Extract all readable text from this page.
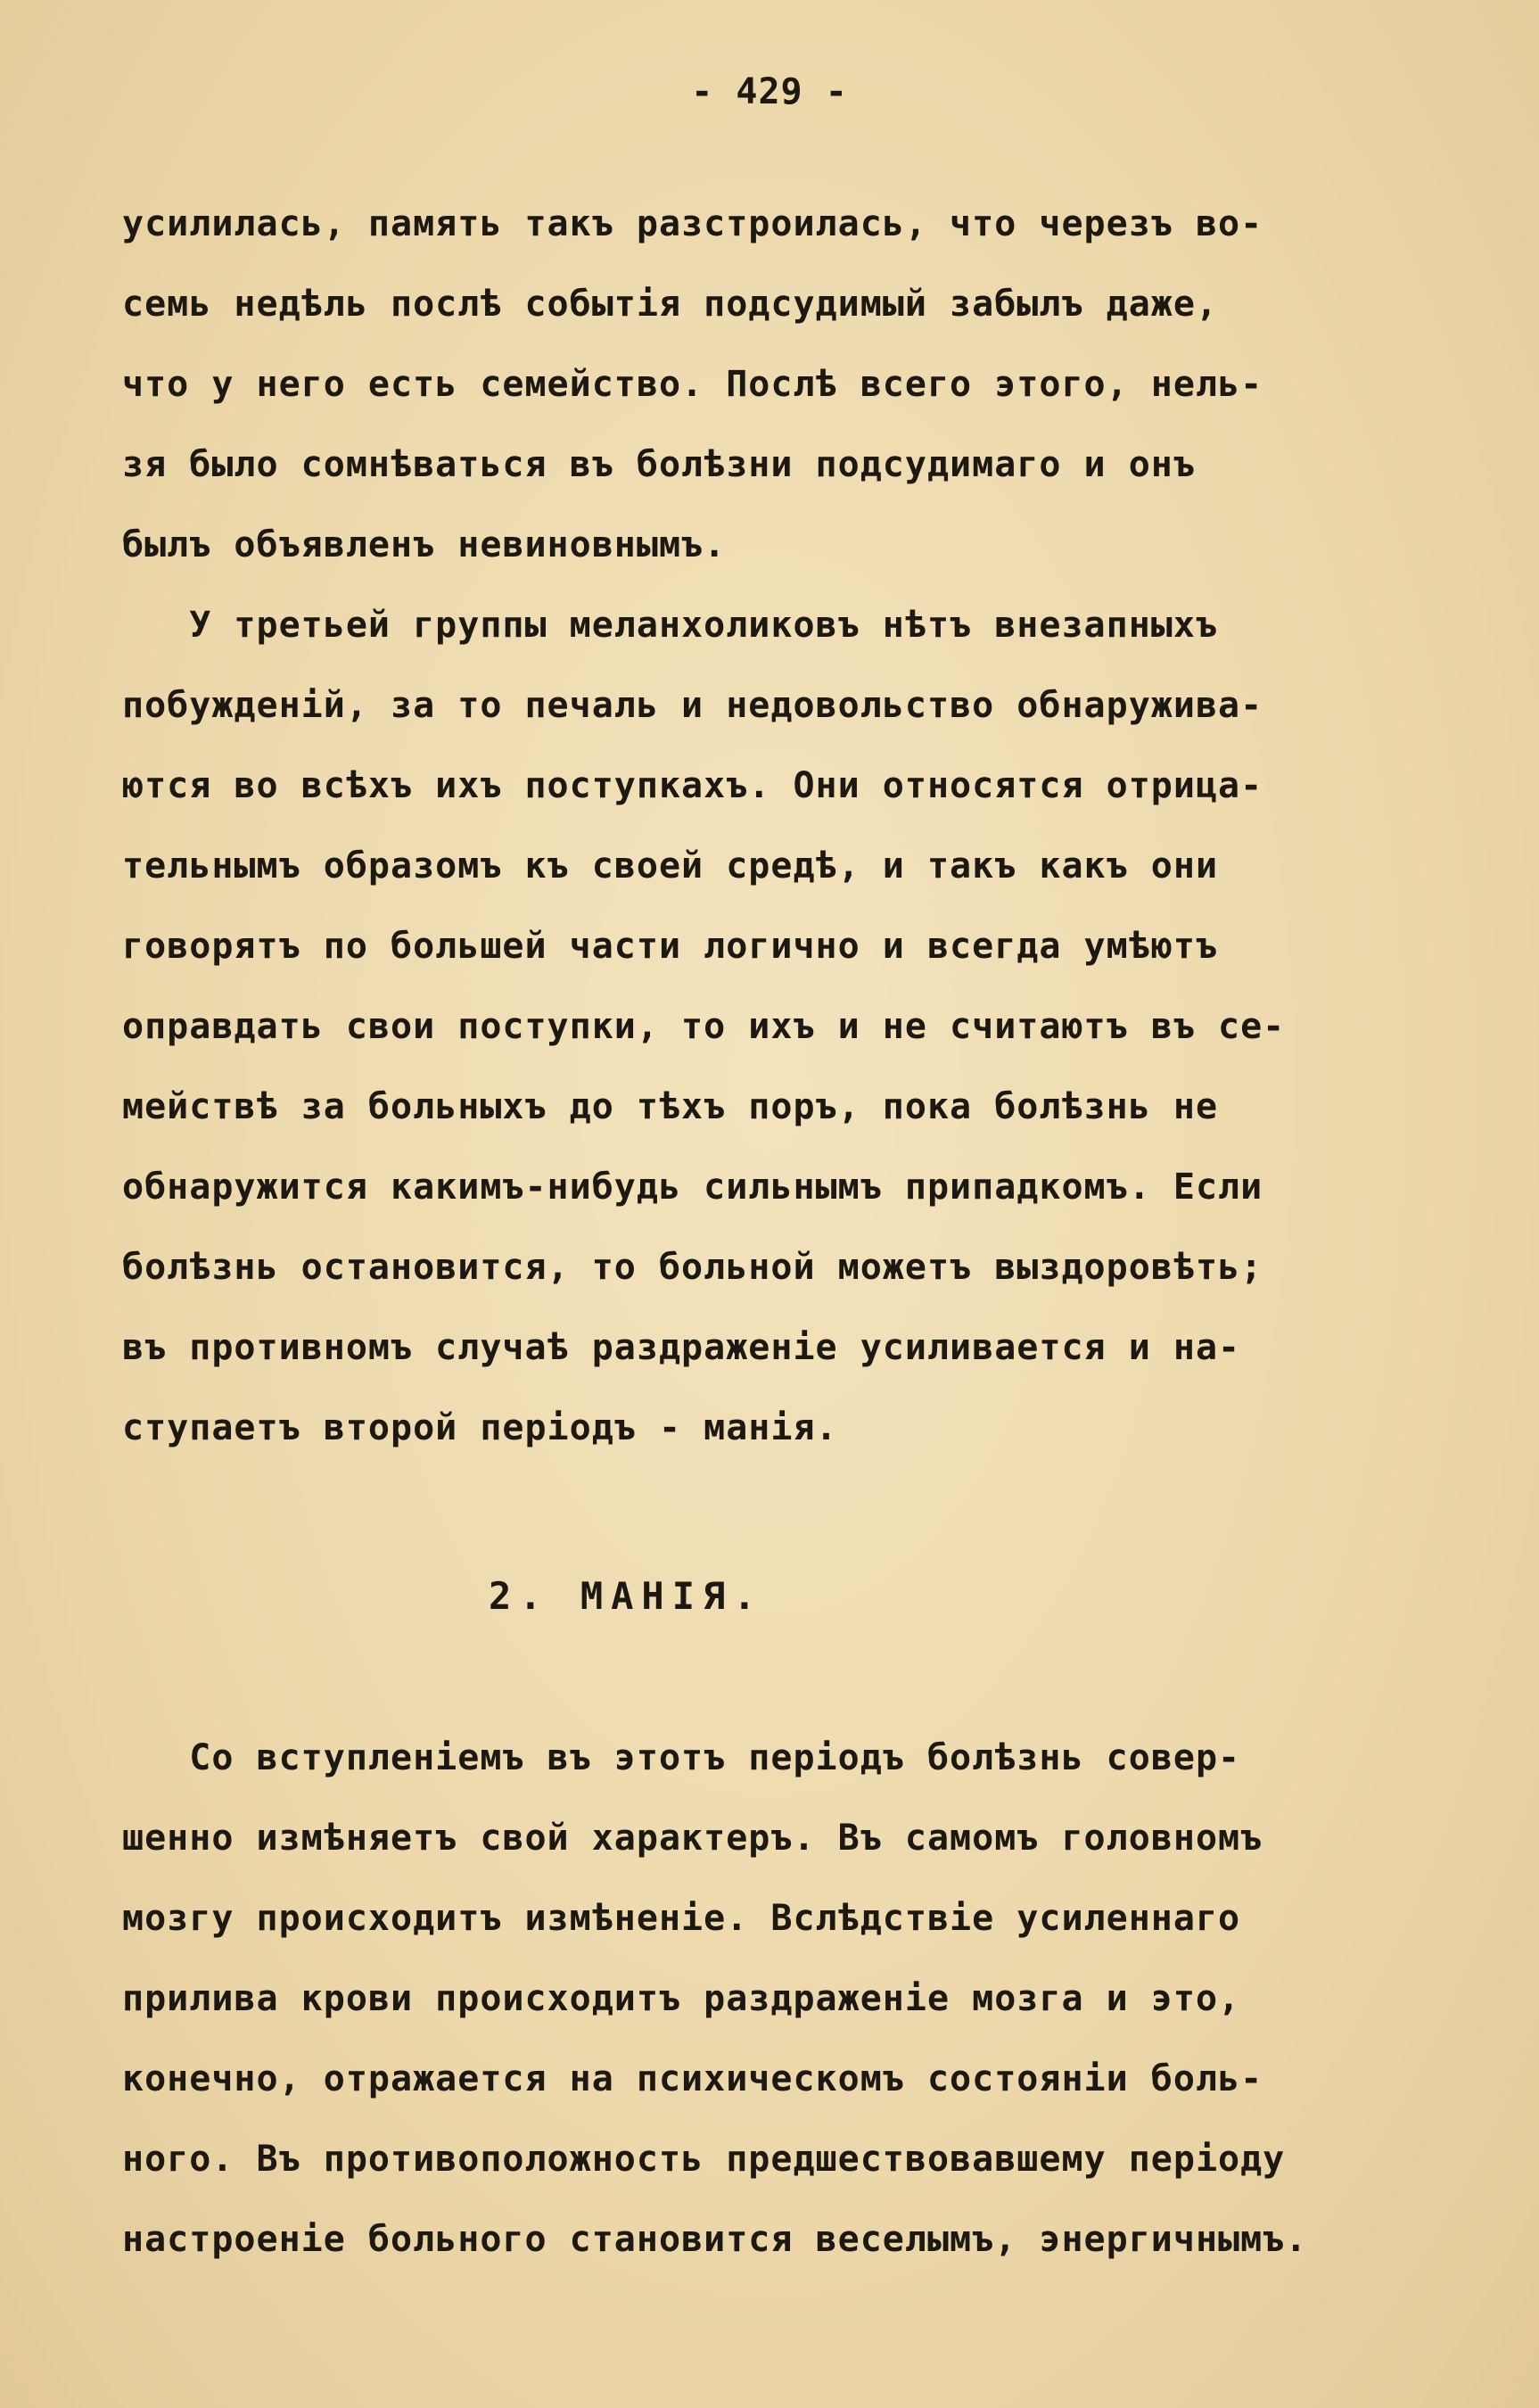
- 429 -
усилилась, память такъ разстроилась, что черезъ во-
семь недѣль послѣ событія подсудимый забылъ даже,
что у него есть семейство. Послѣ всего этого, нель-
зя было сомнѣваться въ болѣзни подсудимаго и онъ
былъ объявленъ невиновнымъ.
У третьей группы меланхоликовъ нѣтъ внезапныхъ
побужденій, за то печаль и недовольство обнаружива-
ются во всѣхъ ихъ поступкахъ. Они относятся отрица-
тельнымъ образомъ къ своей средѣ, и такъ какъ они
говорятъ по большей части логично и всегда умѣютъ
оправдать свои поступки, то ихъ и не считаютъ въ се-
мействѣ за больныхъ до тѣхъ поръ, пока болѣзнь не
обнаружится какимъ-нибудь сильнымъ припадкомъ. Если
болѣзнь остановится, то больной можетъ выздоровѣть;
въ противномъ случаѣ раздраженіе усиливается и на-
ступаетъ второй періодъ - манія.
2. МАНІЯ.
Со вступленіемъ въ этотъ періодъ болѣзнь совер-
шенно измѣняетъ свой характеръ. Въ самомъ головномъ
мозгу происходитъ измѣненіе. Вслѣдствіе усиленнаго
прилива крови происходитъ раздраженіе мозга и это,
конечно, отражается на психическомъ состояніи боль-
ного. Въ противоположность предшествовавшему періоду
настроеніе больного становится веселымъ, энергичнымъ.
